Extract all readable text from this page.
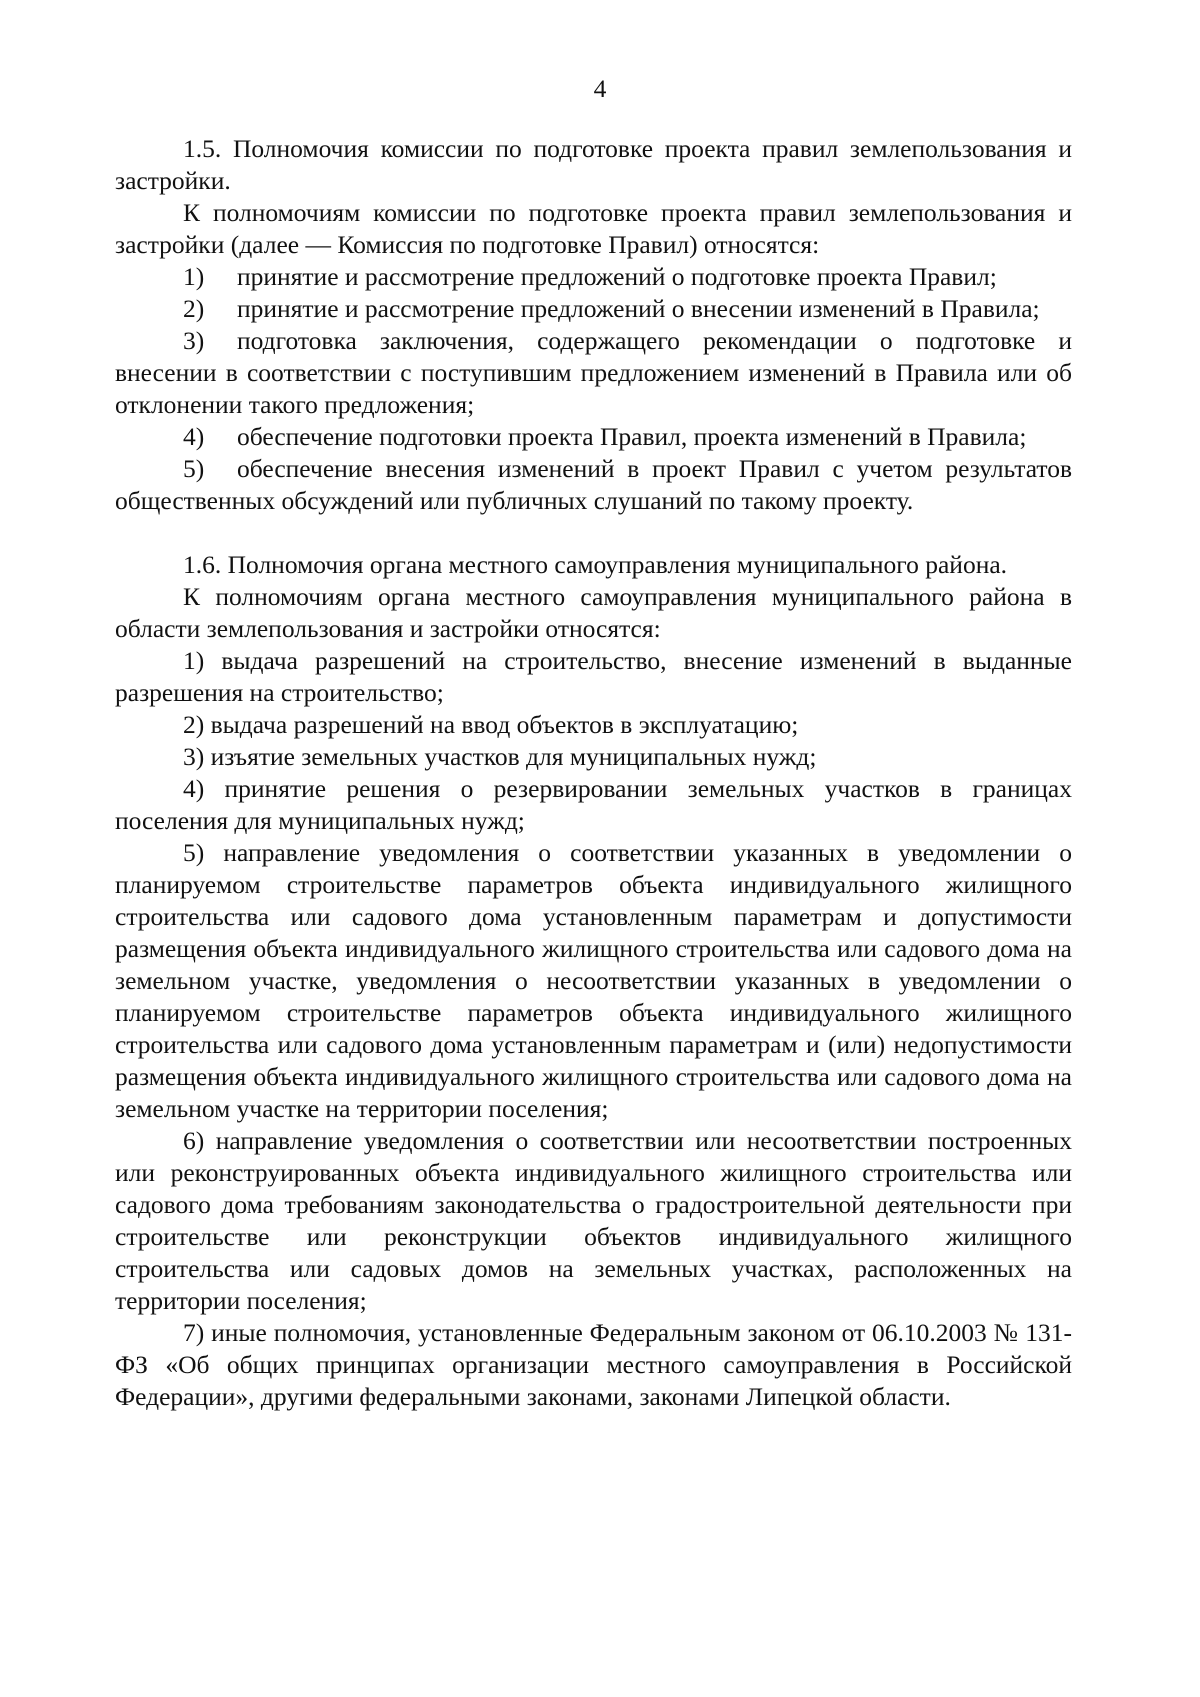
4

1.5. Полномочия комиссии по подготовке проекта правил землепользования и застройки.

К полномочиям комиссии по подготовке проекта правил землепользования и застройки (далее — Комиссия по подготовке Правил) относятся:

1) принятие и рассмотрение предложений о подготовке проекта Правил;

2) принятие и рассмотрение предложений о внесении изменений в Правила;

3) подготовка заключения, содержащего рекомендации о подготовке и внесении в соответствии с поступившим предложением изменений в Правила или об отклонении такого предложения;

4) обеспечение подготовки проекта Правил, проекта изменений в Правила;

5) обеспечение внесения изменений в проект Правил с учетом результатов общественных обсуждений или публичных слушаний по такому проекту.

1.6. Полномочия органа местного самоуправления муниципального района.

К полномочиям органа местного самоуправления муниципального района в области землепользования и застройки относятся:

1) выдача разрешений на строительство, внесение изменений в выданные разрешения на строительство;

2) выдача разрешений на ввод объектов в эксплуатацию;

3) изъятие земельных участков для муниципальных нужд;

4) принятие решения о резервировании земельных участков в границах поселения для муниципальных нужд;

5) направление уведомления о соответствии указанных в уведомлении о планируемом строительстве параметров объекта индивидуального жилищного строительства или садового дома установленным параметрам и допустимости размещения объекта индивидуального жилищного строительства или садового дома на земельном участке, уведомления о несоответствии указанных в уведомлении о планируемом строительстве параметров объекта индивидуального жилищного строительства или садового дома установленным параметрам и (или) недопустимости размещения объекта индивидуального жилищного строительства или садового дома на земельном участке на территории поселения;

6) направление уведомления о соответствии или несоответствии построенных или реконструированных объекта индивидуального жилищного строительства или садового дома требованиям законодательства о градостроительной деятельности при строительстве или реконструкции объектов индивидуального жилищного строительства или садовых домов на земельных участках, расположенных на территории поселения;

7) иные полномочия, установленные Федеральным законом от 06.10.2003 № 131-ФЗ «Об общих принципах организации местного самоуправления в Российской Федерации», другими федеральными законами, законами Липецкой области.
